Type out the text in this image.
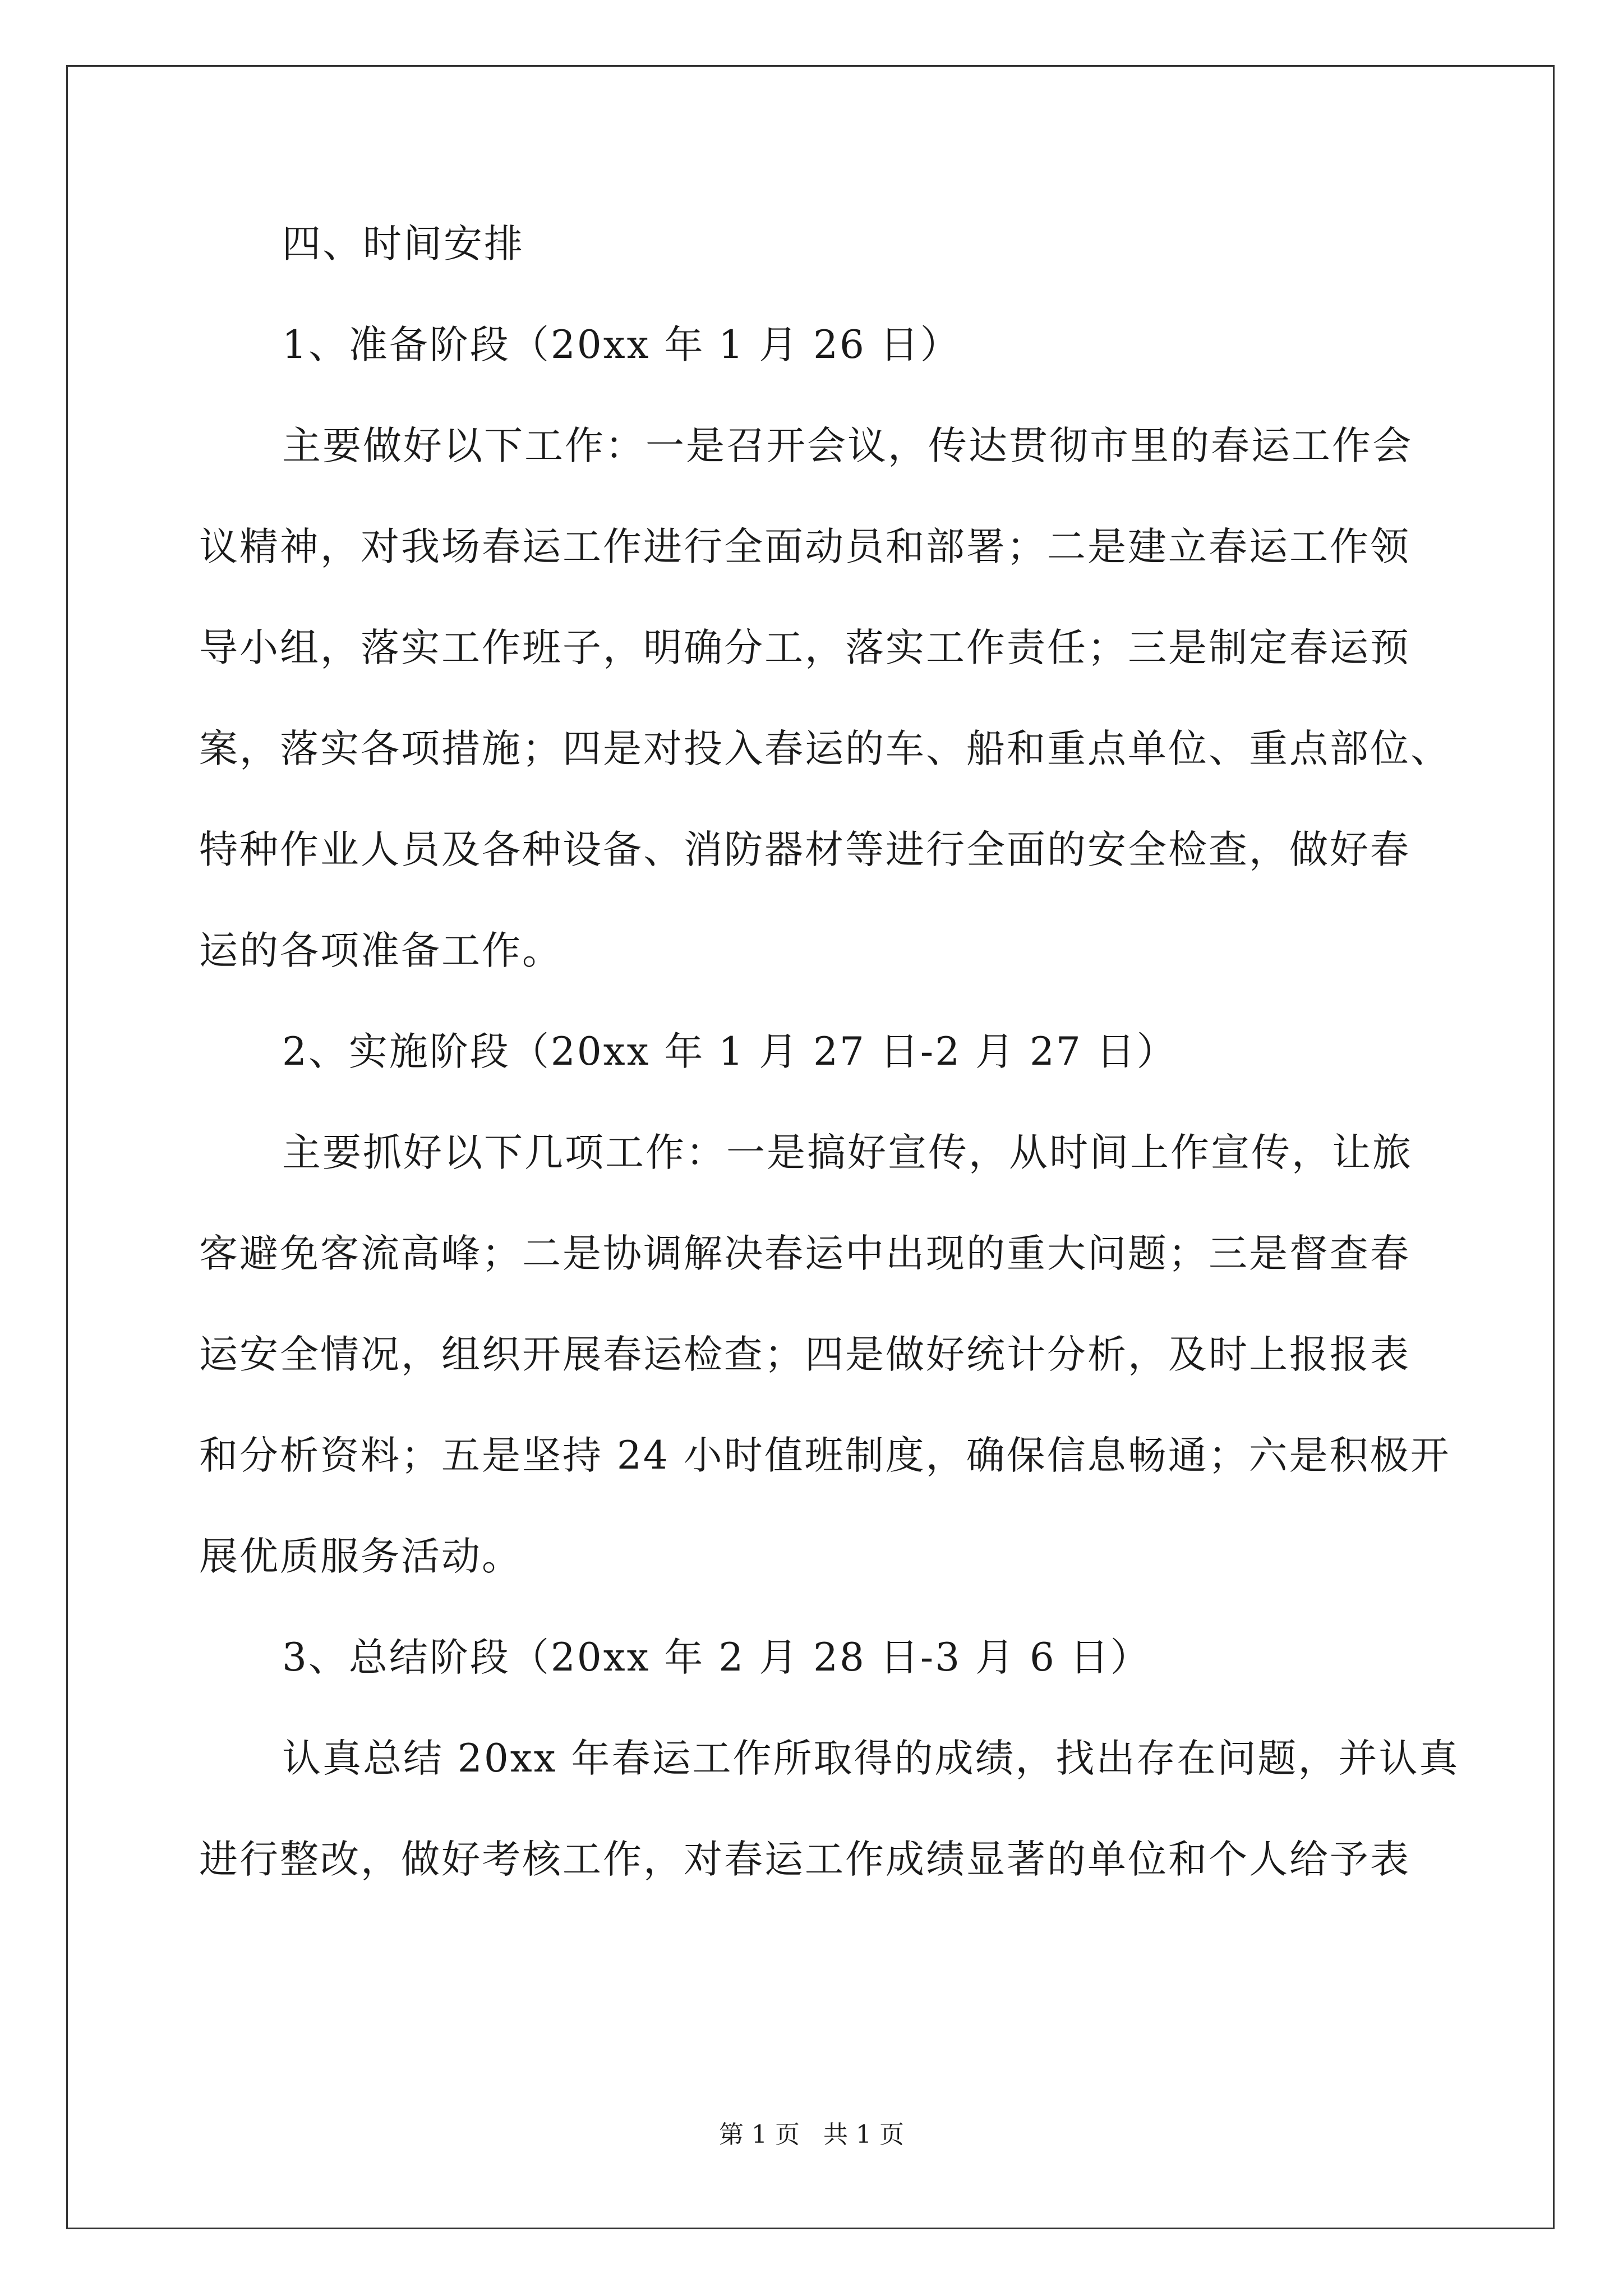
四、时间安排
1、准备阶段（20xx 年 1 月 26 日）
主要做好以下工作：一是召开会议，传达贯彻市里的春运工作会
议精神，对我场春运工作进行全面动员和部署；二是建立春运工作领
导小组，落实工作班子，明确分工，落实工作责任；三是制定春运预
案，落实各项措施；四是对投入春运的车、船和重点单位、重点部位、
特种作业人员及各种设备、消防器材等进行全面的安全检查，做好春
运的各项准备工作。
2、实施阶段（20xx 年 1 月 27 日-2 月 27 日）
主要抓好以下几项工作：一是搞好宣传，从时间上作宣传，让旅
客避免客流高峰；二是协调解决春运中出现的重大问题；三是督查春
运安全情况，组织开展春运检查；四是做好统计分析，及时上报报表
和分析资料；五是坚持 24 小时值班制度，确保信息畅通；六是积极开
展优质服务活动。
3、总结阶段（20xx 年 2 月 28 日-3 月 6 日）
认真总结 20xx 年春运工作所取得的成绩，找出存在问题，并认真
进行整改，做好考核工作，对春运工作成绩显著的单位和个人给予表
第 1 页   共 1 页
